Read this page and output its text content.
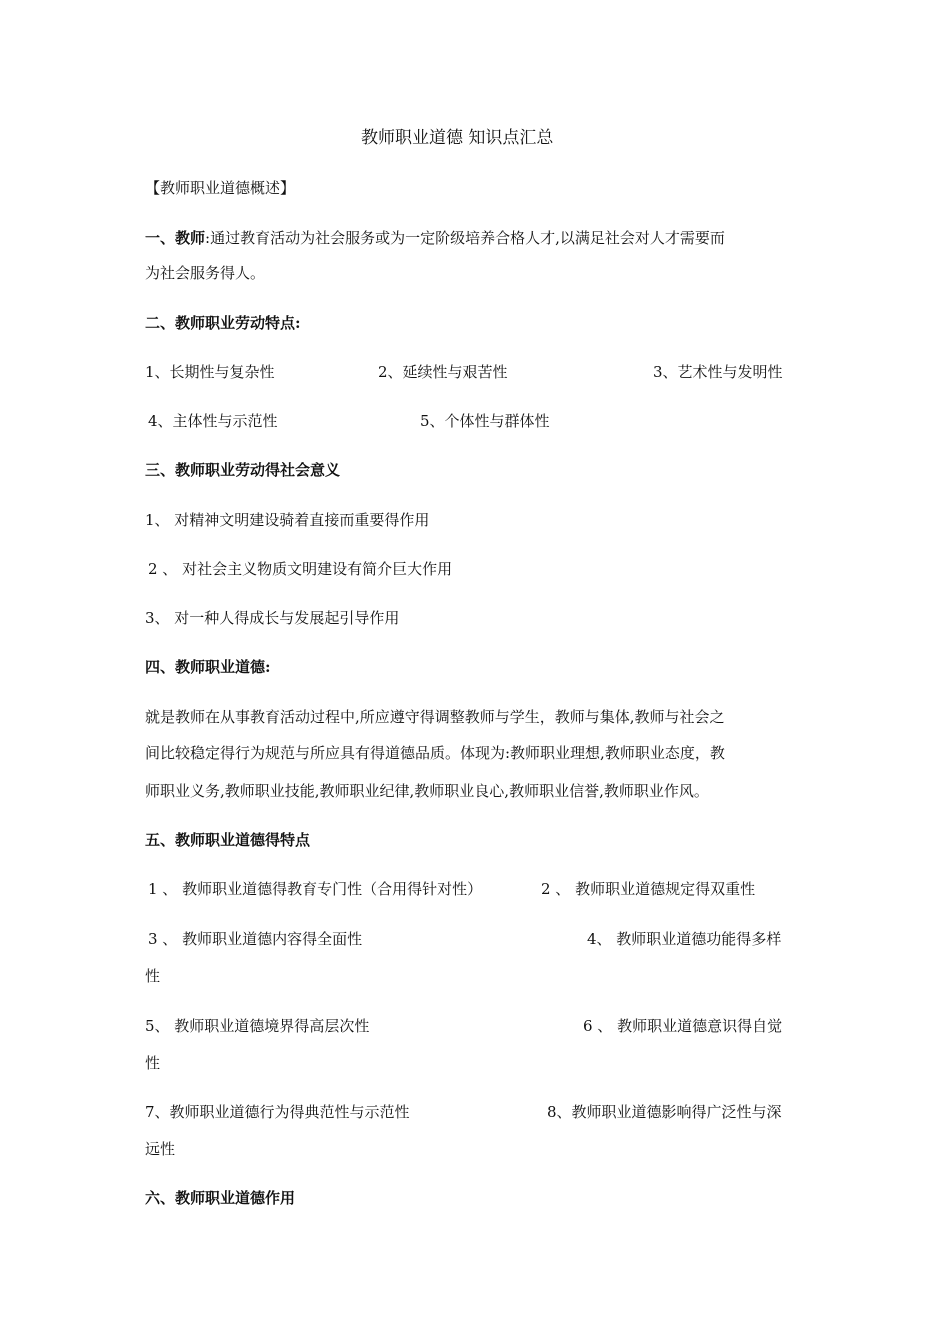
教师职业道德 知识点汇总
【教师职业道德概述】
一、教师:通过教育活动为社会服务或为一定阶级培养合格人才,以满足社会对人才需要而
为社会服务得人。
二、教师职业劳动特点:
1、长期性与复杂性	2、延续性与艰苦性	3、艺术性与发明性
4、主体性与示范性	5、个体性与群体性
三、教师职业劳动得社会意义
1、 对精神文明建设骑着直接而重要得作用
2 、 对社会主义物质文明建设有简介巨大作用
3、 对一种人得成长与发展起引导作用
四、教师职业道德:
就是教师在从事教育活动过程中,所应遵守得调整教师与学生，教师与集体,教师与社会之
间比较稳定得行为规范与所应具有得道德品质。体现为:教师职业理想,教师职业态度，教
师职业义务,教师职业技能,教师职业纪律,教师职业良心,教师职业信誉,教师职业作风。
五、教师职业道德得特点
1 、 教师职业道德得教育专门性（合用得针对性）	2 、 教师职业道德规定得双重性
3 、 教师职业道德内容得全面性	4、 教师职业道德功能得多样
性
5、 教师职业道德境界得高层次性	6 、 教师职业道德意识得自觉
性
7、教师职业道德行为得典范性与示范性	8、教师职业道德影响得广泛性与深
远性
六、教师职业道德作用
